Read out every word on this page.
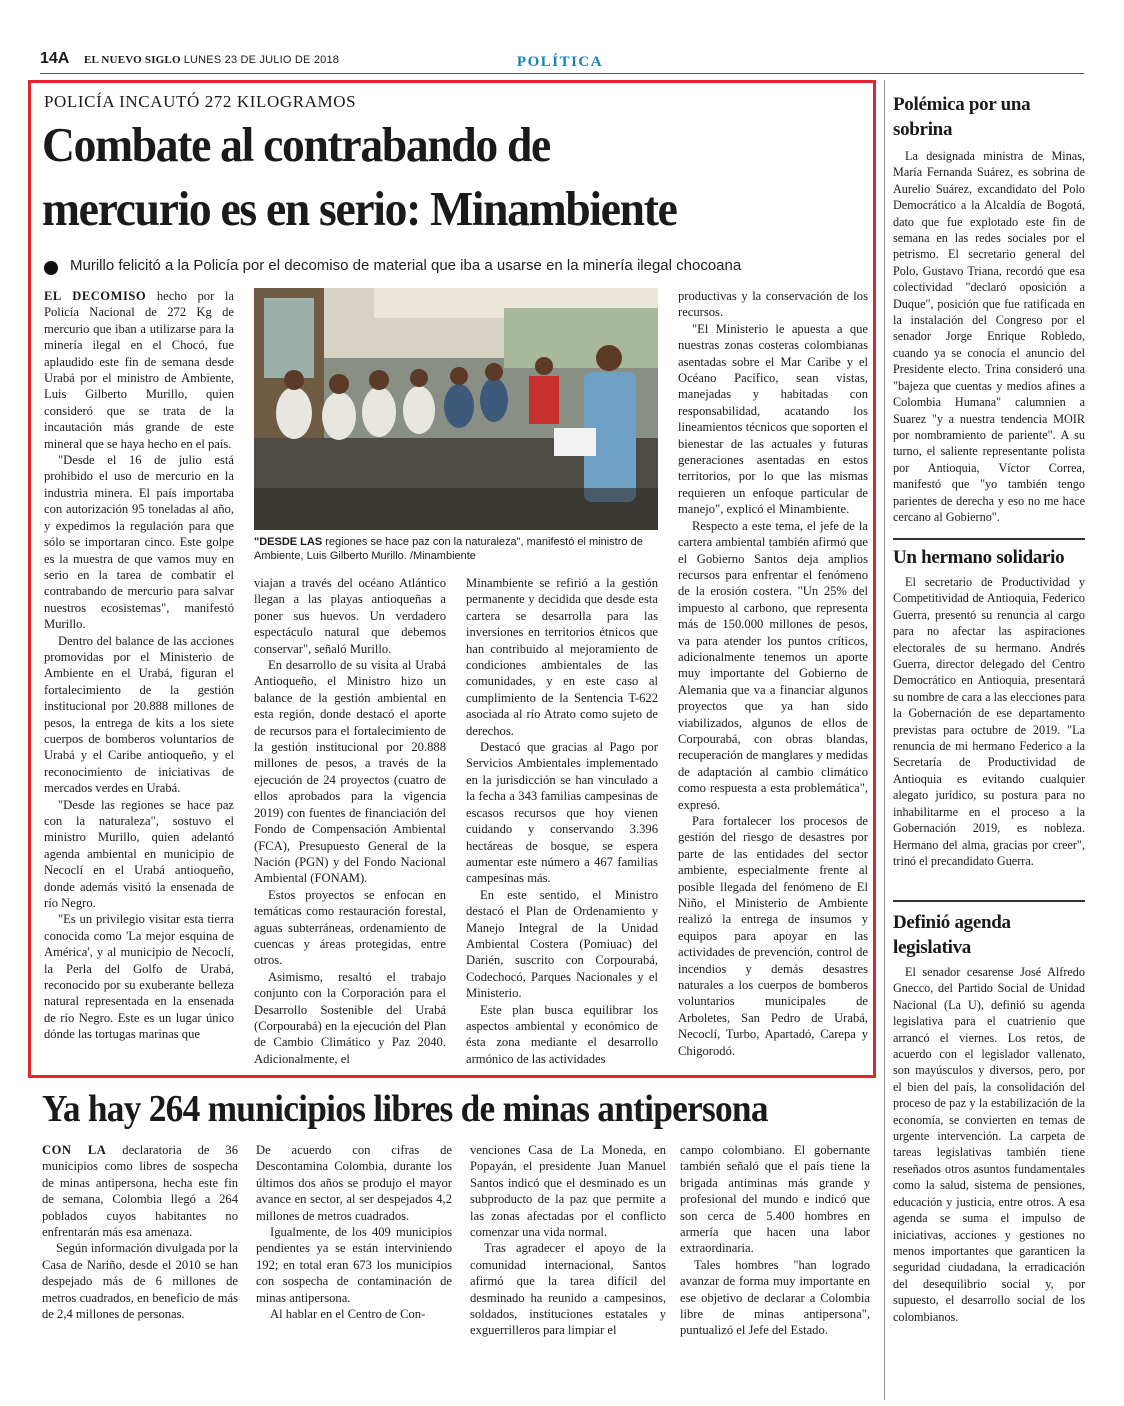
14A EL NUEVO SIGLO LUNES 23 DE JULIO DE 2018	POLÍTICA
POLICÍA INCAUTÓ 272 KILOGRAMOS
Combate al contrabando de
mercurio es en serio: Minambiente
Murillo felicitó a la Policía por el decomiso de material que iba a usarse en la minería ilegal chocoana

EL DECOMISO hecho por la Policía Nacional de 272 Kg de mercurio que iban a utilizarse para la minería ilegal en el Chocó, fue aplaudido este fin de semana desde Urabá por el ministro de Ambiente, Luis Gilberto Murillo, quien consideró que se trata de la incautación más grande de este mineral que se haya hecho en el país.

"Desde el 16 de julio está prohibido el uso de mercurio en la industria minera. El país importaba con autorización 95 toneladas al año, y expedimos la regulación para que sólo se importaran cinco. Este golpe es la muestra de que vamos muy en serio en la tarea de combatir el contrabando de mercurio para salvar nuestros ecosistemas", manifestó Murillo.

Dentro del balance de las acciones promovidas por el Ministerio de Ambiente en el Urabá, figuran el fortalecimiento de la gestión institucional por 20.888 millones de pesos, la entrega de kits a los siete cuerpos de bomberos voluntarios de Urabá y el Caribe antioqueño, y el reconocimiento de iniciativas de mercados verdes en Urabá.

"Desde las regiones se hace paz con la naturaleza", sostuvo el ministro Murillo, quien adelantó agenda ambiental en municipio de Necoclí en el Urabá antioqueño, donde además visitó la ensenada de río Negro.

"Es un privilegio visitar esta tierra conocida como 'La mejor esquina de América', y al municipio de Necoclí, la Perla del Golfo de Urabá, reconocido por su exuberante belleza natural representada en la ensenada de río Negro. Este es un lugar único dónde las tortugas marinas que

"DESDE LAS regiones se hace paz con la naturaleza", manifestó el ministro de Ambiente, Luis Gilberto Murillo. /Minambiente

viajan a través del océano Atlántico llegan a las playas antioqueñas a poner sus huevos. Un verdadero espectáculo natural que debemos conservar", señaló Murillo.

En desarrollo de su visita al Urabá Antioqueño, el Ministro hizo un balance de la gestión ambiental en esta región, donde destacó el aporte de recursos para el fortalecimiento de la gestión institucional por 20.888 millones de pesos, a través de la ejecución de 24 proyectos (cuatro de ellos aprobados para la vigencia 2019) con fuentes de financiación del Fondo de Compensación Ambiental (FCA), Presupuesto General de la Nación (PGN) y del Fondo Nacional Ambiental (FONAM).

Estos proyectos se enfocan en temáticas como restauración forestal, aguas subterráneas, ordenamiento de cuencas y áreas protegidas, entre otros.

Asimismo, resaltó el trabajo conjunto con la Corporación para el Desarrollo Sostenible del Urabá (Corpourabá) en la ejecución del Plan de Cambio Climático y Paz 2040. Adicionalmente, el

Minambiente se refirió a la gestión permanente y decidida que desde esta cartera se desarrolla para las inversiones en territorios étnicos que han contribuido al mejoramiento de condiciones ambientales de las comunidades, y en este caso al cumplimiento de la Sentencia T-622 asociada al río Atrato como sujeto de derechos.

Destacó que gracias al Pago por Servicios Ambientales implementado en la jurisdicción se han vinculado a la fecha a 343 familias campesinas de escasos recursos que hoy vienen cuidando y conservando 3.396 hectáreas de bosque, se espera aumentar este número a 467 familias campesinas más.

En este sentido, el Ministro destacó el Plan de Ordenamiento y Manejo Integral de la Unidad Ambiental Costera (Pomiuac) del Darién, suscrito con Corpourabá, Codechocó, Parques Nacionales y el Ministerio.

Este plan busca equilibrar los aspectos ambiental y económico de ésta zona mediante el desarrollo armónico de las actividades

productivas y la conservación de los recursos.

"El Ministerio le apuesta a que nuestras zonas costeras colombianas asentadas sobre el Mar Caribe y el Océano Pacífico, sean vistas, manejadas y habitadas con responsabilidad, acatando los lineamientos técnicos que soporten el bienestar de las actuales y futuras generaciones asentadas en estos territorios, por lo que las mismas requieren un enfoque particular de manejo", explicó el Minambiente.

Respecto a este tema, el jefe de la cartera ambiental también afirmó que el Gobierno Santos deja amplios recursos para enfrentar el fenómeno de la erosión costera. "Un 25% del impuesto al carbono, que representa más de 150.000 millones de pesos, va para atender los puntos críticos, adicionalmente tenemos un aporte muy importante del Gobierno de Alemania que va a financiar algunos proyectos que ya han sido viabilizados, algunos de ellos de Corpourabá, con obras blandas, recuperación de manglares y medidas de adaptación al cambio climático como respuesta a esta problemática", expresó.

Para fortalecer los procesos de gestión del riesgo de desastres por parte de las entidades del sector ambiente, especialmente frente al posible llegada del fenómeno de El Niño, el Ministerio de Ambiente realizó la entrega de insumos y equipos para apoyar en las actividades de prevención, control de incendios y demás desastres naturales a los cuerpos de bomberos voluntarios municipales de Arboletes, San Pedro de Urabá, Necoclí, Turbo, Apartadó, Carepa y Chigorodó.

Ya hay 264 municipios libres de minas antipersona

CON LA declaratoria de 36 municipios como libres de sospecha de minas antipersona, hecha este fin de semana, Colombia llegó a 264 poblados cuyos habitantes no enfrentarán más esa amenaza.

Según información divulgada por la Casa de Nariño, desde el 2010 se han despejado más de 6 millones de metros cuadrados, en beneficio de más de 2,4 millones de personas.

De acuerdo con cifras de Descontamina Colombia, durante los últimos dos años se produjo el mayor avance en sector, al ser despejados 4,2 millones de metros cuadrados.

Igualmente, de los 409 municipios pendientes ya se están interviniendo 192; en total eran 673 los municipios con sospecha de contaminación de minas antipersona.

Al hablar en el Centro de Con-

venciones Casa de La Moneda, en Popayán, el presidente Juan Manuel Santos indicó que el desminado es un subproducto de la paz que permite a las zonas afectadas por el conflicto comenzar una vida normal.

Tras agradecer el apoyo de la comunidad internacional, Santos afirmó que la tarea difícil del desminado ha reunido a campesinos, soldados, instituciones estatales y exguerrilleros para limpiar el

campo colombiano. El gobernante también señaló que el país tiene la brigada antiminas más grande y profesional del mundo e indicó que son cerca de 5.400 hombres en armería que hacen una labor extraordinaria.

Tales hombres "han logrado avanzar de forma muy importante en ese objetivo de declarar a Colombia libre de minas antipersona", puntualizó el Jefe del Estado.

Polémica por una sobrina

La designada ministra de Minas, María Fernanda Suárez, es sobrina de Aurelio Suárez, excandidato del Polo Democrático a la Alcaldía de Bogotá, dato que fue explotado este fin de semana en las redes sociales por el petrismo. El secretario general del Polo, Gustavo Triana, recordó que esa colectividad "declaró oposición a Duque", posición que fue ratificada en la instalación del Congreso por el senador Jorge Enrique Robledo, cuando ya se conocía el anuncio del Presidente electo. Trina consideró una "bajeza que cuentas y medios afines a Colombia Humana" calumnien a Suarez "y a nuestra tendencia MOIR por nombramiento de pariente". A su turno, el saliente representante polista por Antioquia, Víctor Correa, manifestó que "yo también tengo parientes de derecha y eso no me hace cercano al Gobierno".

Un hermano solidario

El secretario de Productividad y Competitividad de Antioquia, Federico Guerra, presentó su renuncia al cargo para no afectar las aspiraciones electorales de su hermano. Andrés Guerra, director delegado del Centro Democrático en Antioquia, presentará su nombre de cara a las elecciones para la Gobernación de ese departamento previstas para octubre de 2019. "La renuncia de mi hermano Federico a la Secretaría de Productividad de Antioquia es evitando cualquier alegato jurídico, su postura para no inhabilitarme en el proceso a la Gobernación 2019, es nobleza. Hermano del alma, gracias por creer", trinó el precandidato Guerra.

Definió agenda legislativa

El senador cesarense José Alfredo Gnecco, del Partido Social de Unidad Nacional (La U), definió su agenda legislativa para el cuatrienio que arrancó el viernes. Los retos, de acuerdo con el legislador vallenato, son mayúsculos y diversos, pero, por el bien del país, la consolidación del proceso de paz y la estabilización de la economía, se convierten en temas de urgente intervención. La carpeta de tareas legislativas también tiene reseñados otros asuntos fundamentales como la salud, sistema de pensiones, educación y justicia, entre otros. A esa agenda se suma el impulso de iniciativas, acciones y gestiones no menos importantes que garanticen la seguridad ciudadana, la erradicación del desequilibrio social y, por supuesto, el desarrollo social de los colombianos.
